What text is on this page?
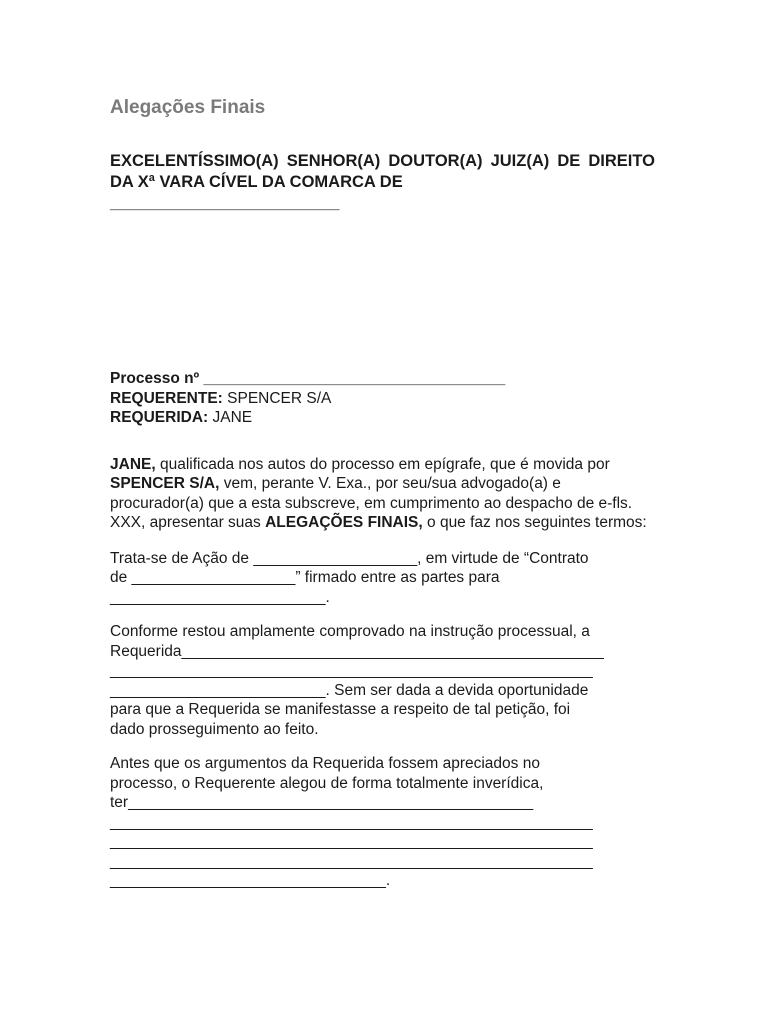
Alegações Finais

EXCELENTÍSSIMO(A) SENHOR(A) DOUTOR(A) JUIZ(A) DE DIREITO DA Xª VARA CÍVEL DA COMARCA DE
_________________________

Processo nº ___________________________________

REQUERENTE: SPENCER S/A

REQUERIDA: JANE

JANE, qualificada nos autos do processo em epígrafe, que é movida por SPENCER S/A, vem, perante V. Exa., por seu/sua advogado(a) e procurador(a) que a esta subscreve, em cumprimento ao despacho de e-fls. XXX, apresentar suas ALEGAÇÕES FINAIS, o que faz nos seguintes termos:

Trata-se de Ação de ___________________, em virtude de “Contrato
de ___________________” firmado entre as partes para
_________________________.

Conforme restou amplamente comprovado na instrução processual, a
Requerida_________________________________________________
________________________________________________________
_________________________. Sem ser dada a devida oportunidade
para que a Requerida se manifestasse a respeito de tal petição, foi
dado prosseguimento ao feito.

Antes que os argumentos da Requerida fossem apreciados no
processo, o Requerente alegou de forma totalmente inverídica,
ter_______________________________________________
________________________________________________________
________________________________________________________
________________________________________________________
________________________________.
